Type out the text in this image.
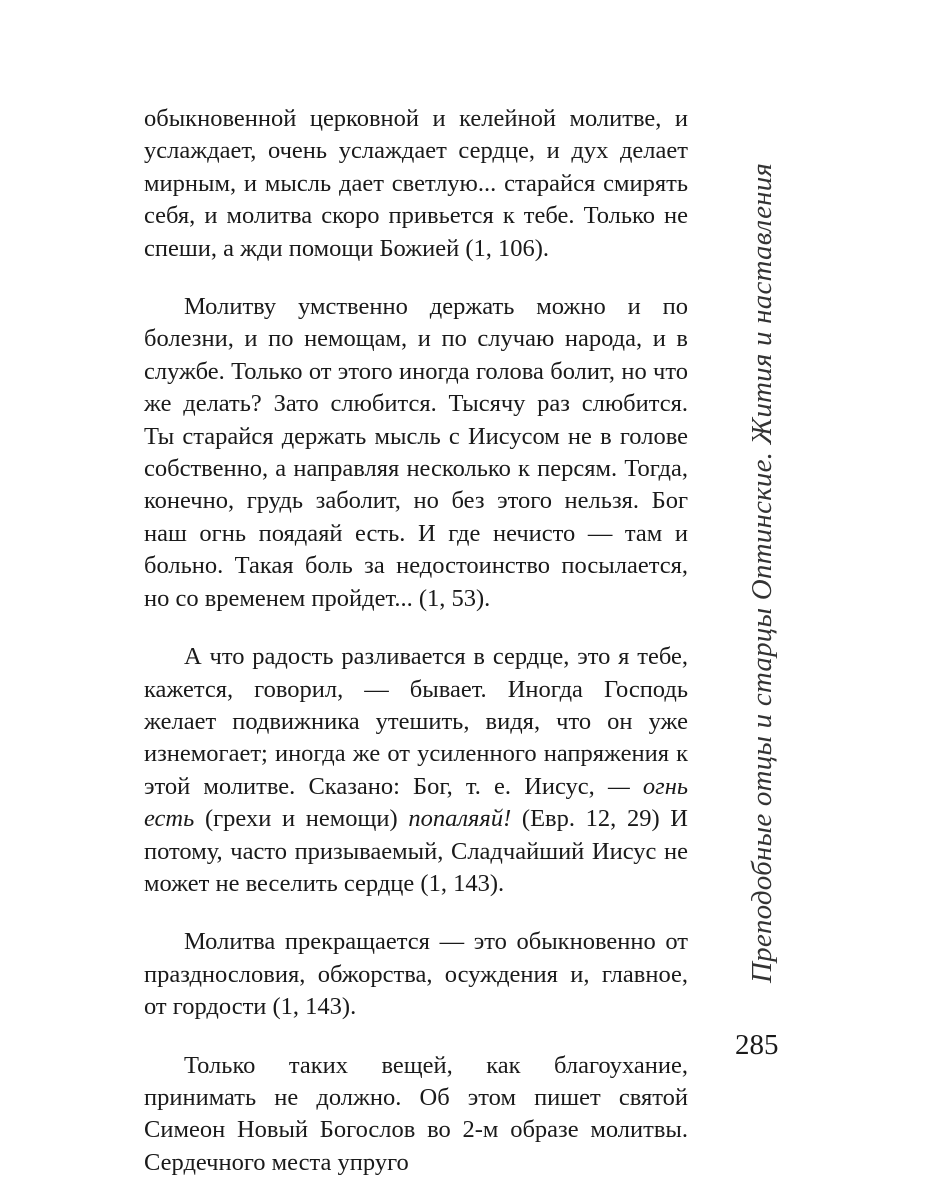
обыкновенной церковной и келейной молитве, и услаждает, очень услаждает сердце, и дух делает мирным, и мысль дает светлую... старайся смирять себя, и молитва скоро привьется к тебе. Только не спеши, а жди помощи Божией (1, 106).

Молитву умственно держать можно и по болезни, и по немощам, и по случаю народа, и в службе. Только от этого иногда голова болит, но что же делать? Зато слюбится. Тысячу раз слюбится. Ты старайся держать мысль с Иисусом не в голове собственно, а направляя несколько к персям. Тогда, конечно, грудь заболит, но без этого нельзя. Бог наш огнь поядаяй есть. И где нечисто — там и больно. Такая боль за недостоинство посылается, но со временем пройдет... (1, 53).

А что радость разливается в сердце, это я тебе, кажется, говорил, — бывает. Иногда Господь желает подвижника утешить, видя, что он уже изнемогает; иногда же от усиленного напряжения к этой молитве. Сказано: Бог, т. е. Иисус, — огнь есть (грехи и немощи) попаляяй! (Евр. 12, 29) И потому, часто призываемый, Сладчайший Иисус не может не веселить сердце (1, 143).

Молитва прекращается — это обыкновенно от празднословия, обжорства, осуждения и, главное, от гордости (1, 143).

Только таких вещей, как благоухание, принимать не должно. Об этом пишет святой Симеон Новый Богослов во 2-м образе молитвы. Сердечного места упруго

Преподобные отцы и старцы Оптинские. Жития и наставления
285
